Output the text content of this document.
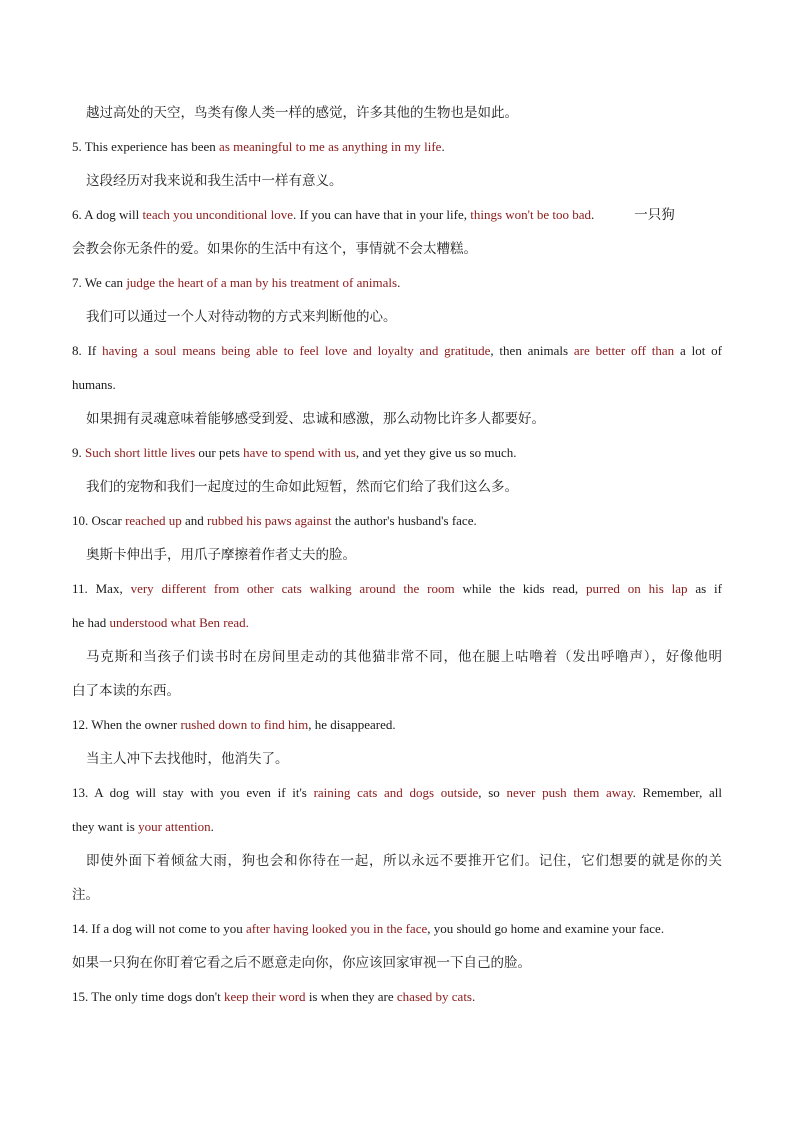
越过高处的天空，鸟类有像人类一样的感觉，许多其他的生物也是如此。
5. This experience has been as meaningful to me as anything in my life.
这段经历对我来说和我生活中一样有意义。
6. A dog will teach you unconditional love. If you can have that in your life, things won't be too bad.	一只狗
会教会你无条件的爱。如果你的生活中有这个，事情就不会太糟糕。
7. We can judge the heart of a man by his treatment of animals.
我们可以通过一个人对待动物的方式来判断他的心。
8. If having a soul means being able to feel love and loyalty and gratitude, then animals are better off than a lot of
humans.
如果拥有灵魂意味着能够感受到爱、忠诚和感激，那么动物比许多人都要好。
9. Such short little lives our pets have to spend with us, and yet they give us so much.
我们的宠物和我们一起度过的生命如此短暂，然而它们给了我们这么多。
10. Oscar reached up and rubbed his paws against the author's husband's face.
奥斯卡伸出手，用爪子摩擦着作者丈夫的脸。
11. Max, very different from other cats walking around the room while the kids read, purred on his lap as if
he had understood what Ben read.
马克斯和当孩子们读书时在房间里走动的其他猫非常不同，他在腿上咕噜着（发出呼噜声），好像他明
白了本读的东西。
12. When the owner rushed down to find him, he disappeared.
当主人冲下去找他时，他消失了。
13. A dog will stay with you even if it's raining cats and dogs outside, so never push them away. Remember, all
they want is your attention.
即使外面下着倾盆大雨，狗也会和你待在一起，所以永远不要推开它们。记住，它们想要的就是你的关
注。
14. If a dog will not come to you after having looked you in the face, you should go home and examine your face.
如果一只狗在你盯着它看之后不愿意走向你，你应该回家审视一下自己的脸。
15. The only time dogs don't keep their word is when they are chased by cats.
